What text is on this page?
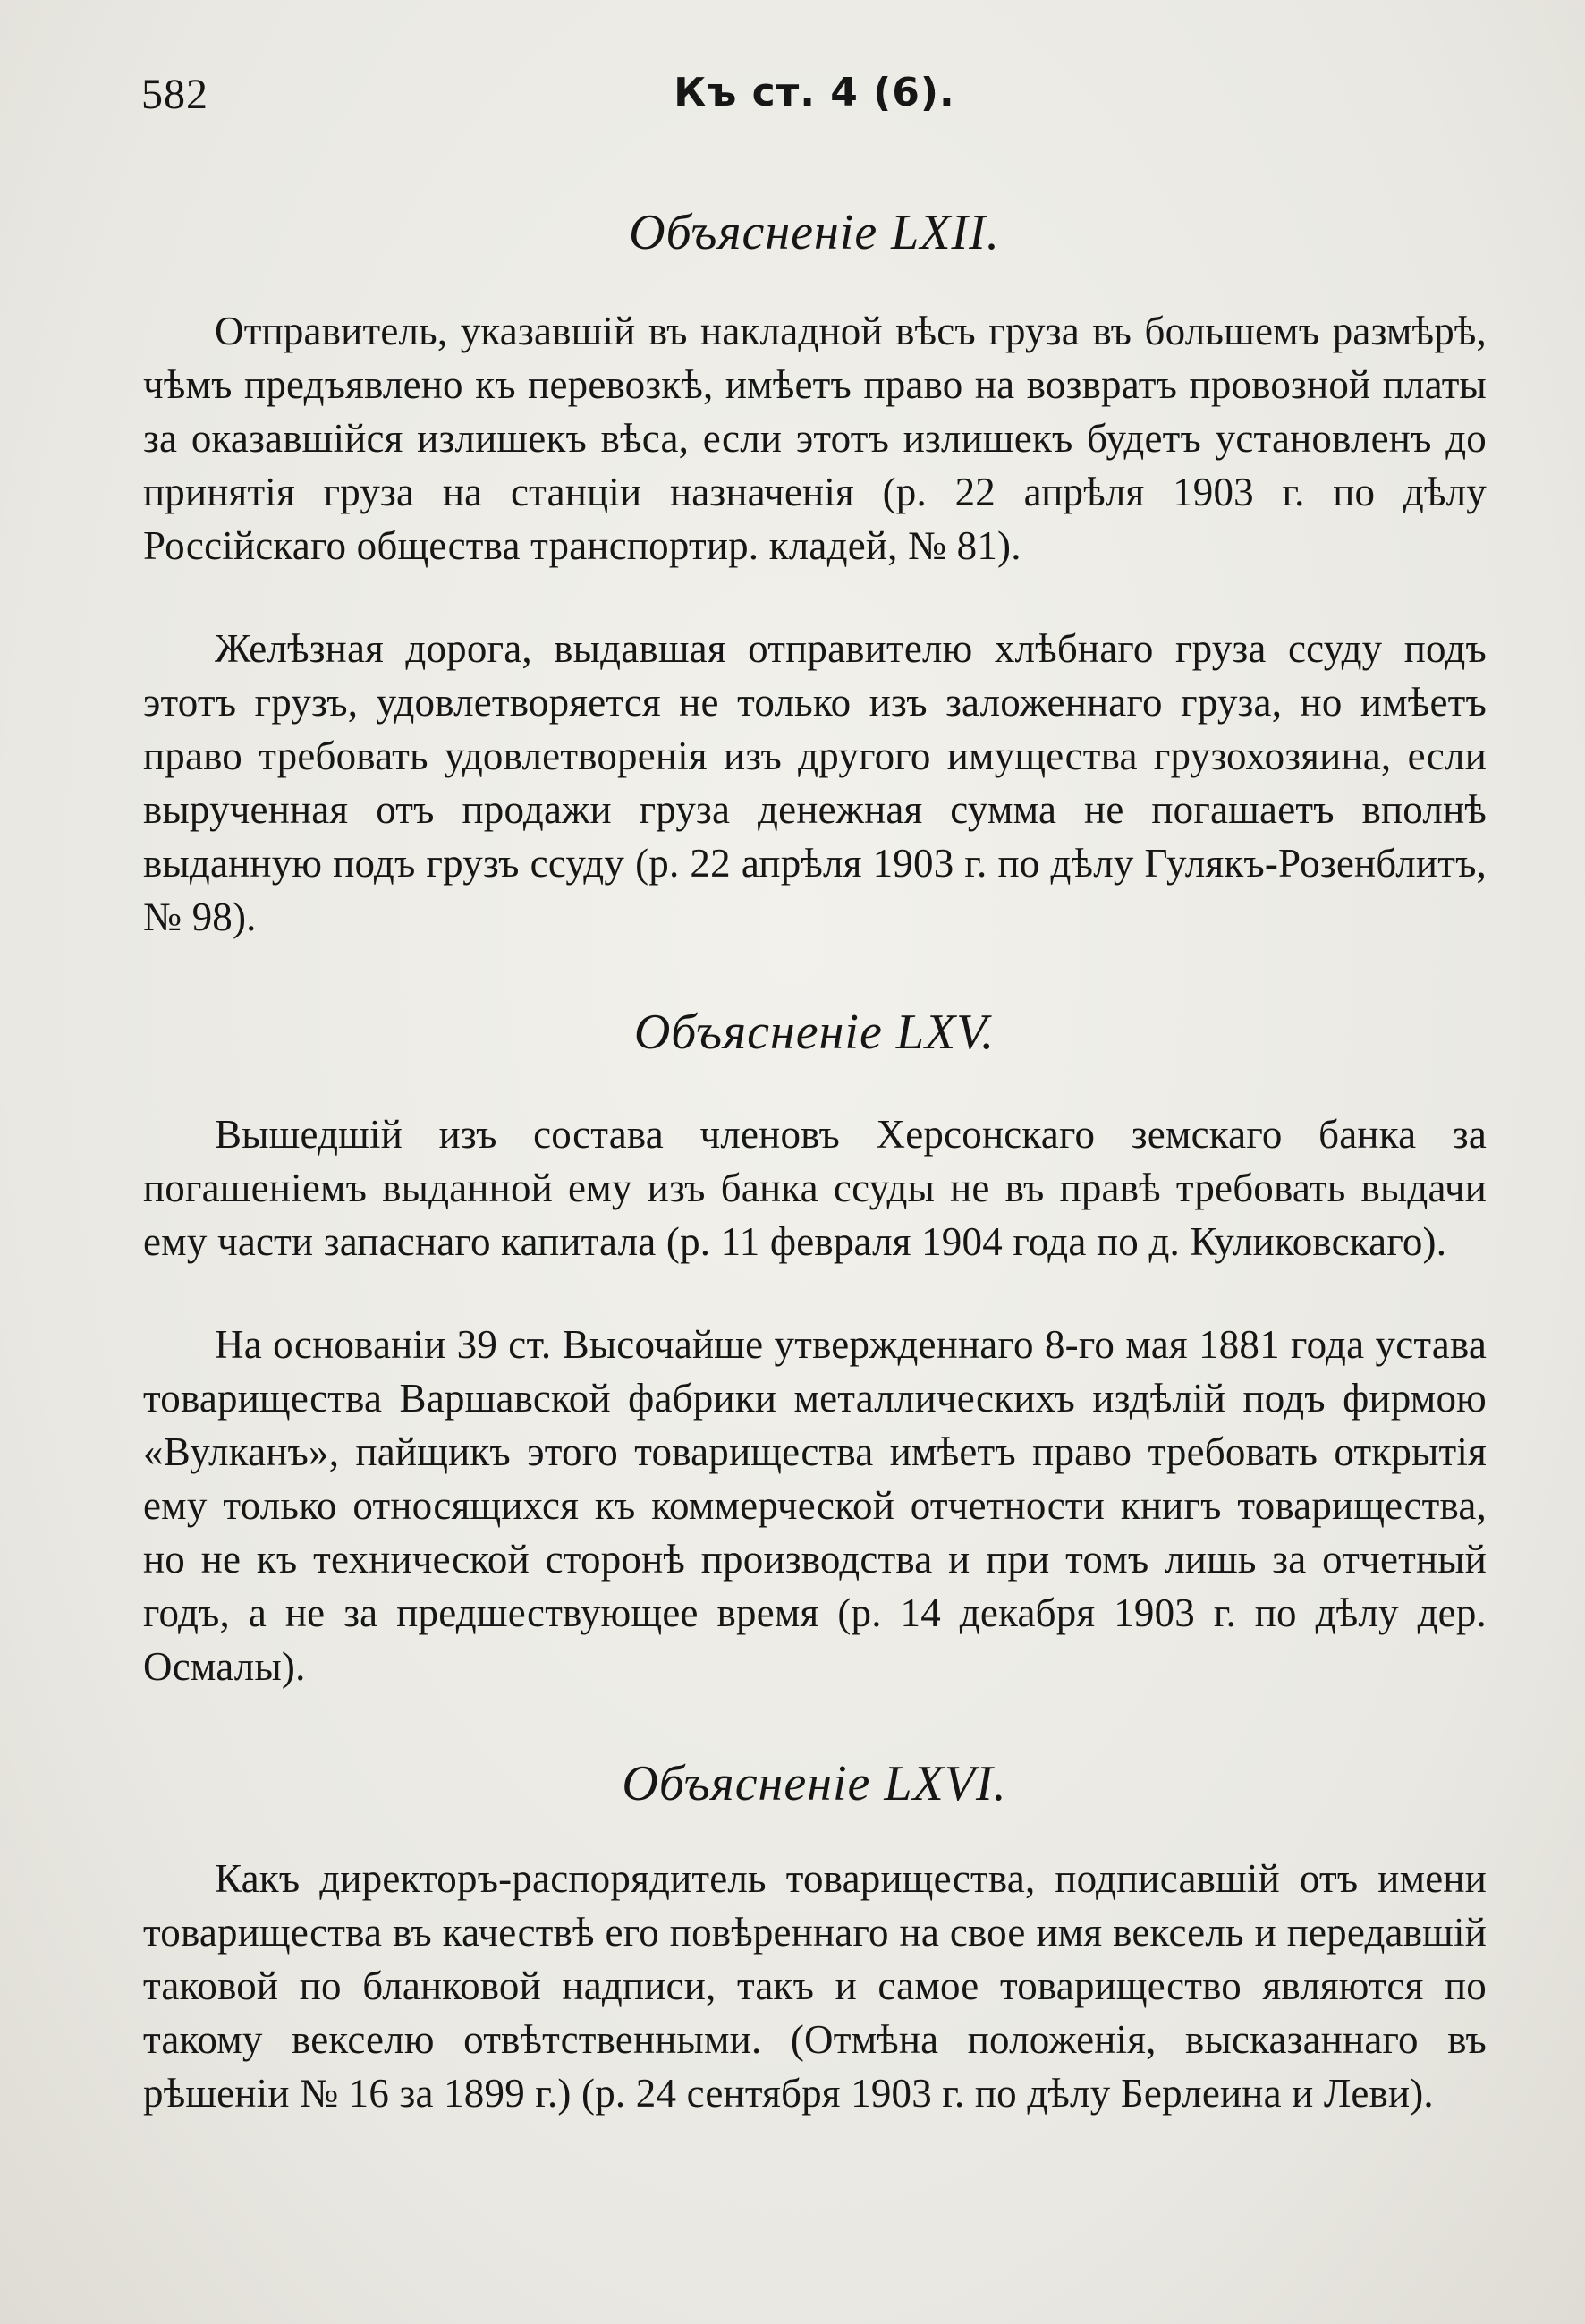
582	Къ ст. 4 (6).
Объясненіе LXII.

Отправитель, указавшій въ накладной вѣсъ груза въ большемъ размѣрѣ, чѣмъ предъявлено къ перевозкѣ, имѣетъ право на возвратъ провозной платы за оказавшійся излишекъ вѣса, если этотъ излишекъ будетъ установленъ до принятія груза на станціи назначенія (р. 22 апрѣля 1903 г. по дѣлу Россійскаго общества транспортир. кладей, № 81).

Желѣзная дорога, выдавшая отправителю хлѣбнаго груза ссуду подъ этотъ грузъ, удовлетворяется не только изъ заложеннаго груза, но имѣетъ право требовать удовлетворенія изъ другого имущества грузохозяина, если вырученная отъ продажи груза денежная сумма не погашаетъ вполнѣ выданную подъ грузъ ссуду (р. 22 апрѣля 1903 г. по дѣлу Гулякъ-Розенблитъ, № 98).

Объясненіе LXV.

Вышедшій изъ состава членовъ Херсонскаго земскаго банка за погашеніемъ выданной ему изъ банка ссуды не въ правѣ требовать выдачи ему части запаснаго капитала (р. 11 февраля 1904 года по д. Куликовскаго).

На основаніи 39 ст. Высочайше утвержденнаго 8-го мая 1881 года устава товарищества Варшавской фабрики металлическихъ издѣлій подъ фирмою «Вулканъ», пайщикъ этого товарищества имѣетъ право требовать открытія ему только относящихся къ коммерческой отчетности книгъ товарищества, но не къ технической сторонѣ производства и при томъ лишь за отчетный годъ, а не за предшествующее время (р. 14 декабря 1903 г. по дѣлу дер. Осмалы).

Объясненіе LXVI.

Какъ директоръ-распорядитель товарищества, подписавшій отъ имени товарищества въ качествѣ его повѣреннаго на свое имя вексель и передавшій таковой по бланковой надписи, такъ и самое товарищество являются по такому векселю отвѣтственными. (Отмѣна положенія, высказаннаго въ рѣшеніи № 16 за 1899 г.) (р. 24 сентября 1903 г. по дѣлу Берлеина и Леви).
